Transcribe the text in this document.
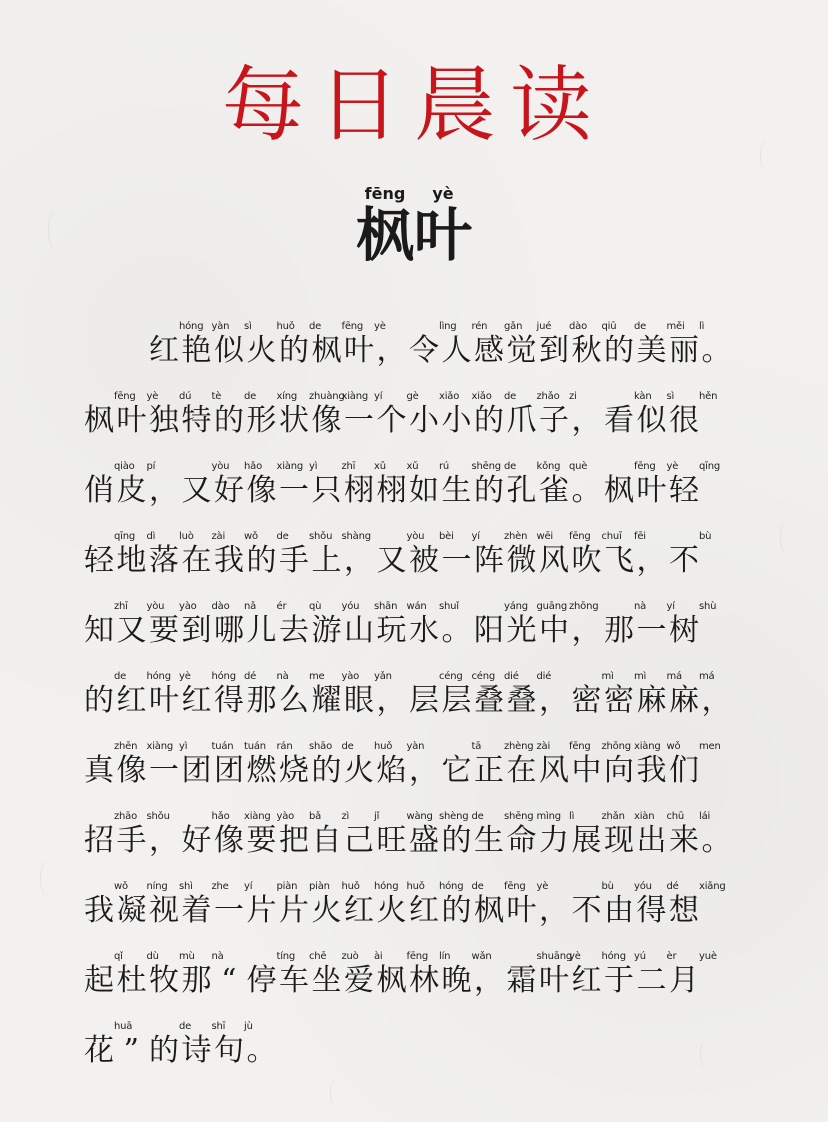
每日晨读
枫fēng叶yè
红hóng
艳yàn
似sì
火huǒ
的de
枫fēng
叶yè
， 令lìng
人rén
感gǎn
觉jué
到dào
秋qiū
的de
美měi
丽lì
。
枫fēng
叶yè
独dú
特tè
的de
形xíng
状zhuàng
像xiàng
一yí
个gè
小xiǎo
小xiǎo
的de
爪zhǎo
子zi
， 看kàn
似sì
很hěn
俏qiào
皮pí
， 又yòu
好hǎo
像xiàng
一yì
只zhī
栩xǔ
栩xǔ
如rú
生shēng
的de
孔kǒng
雀què
。 枫fēng
叶yè
轻qīng
轻qīng
地dì
落luò
在zài
我wǒ
的de
手shǒu
上shàng
， 又yòu
被bèi
一yí
阵zhèn
微wēi
风fēng
吹chuī
飞fēi
， 不bù
知zhī
又yòu
要yào
到dào
哪nǎ
儿ér
去qù
游yóu
山shān
玩wán
水shuǐ
。 阳yáng
光guāng
中zhōng
， 那nà
一yí
树shù
的de
红hóng
叶yè
红hóng
得dé
那nà
么me
耀yào
眼yǎn
， 层céng
层céng
叠dié
叠dié
， 密mì
密mì
麻má
麻má
，
真zhēn
像xiàng
一yì
团tuán
团tuán
燃rán
烧shāo
的de
火huǒ
焰yàn
， 它tā
正zhèng
在zài
风fēng
中zhōng
向xiàng
我wǒ
们men
招zhāo
手shǒu
， 好hǎo
像xiàng
要yào
把bǎ
自zì
己jǐ
旺wàng
盛shèng
的de
生shēng
命mìng
力lì
展zhǎn
现xiàn
出chū
来lái
。
我wǒ
凝níng
视shì
着zhe
一yí
片piàn
片piàn
火huǒ
红hóng
火huǒ
红hóng
的de
枫fēng
叶yè
， 不bù
由yóu
得dé
想xiǎng
起qǐ
杜dù
牧mù
那nà
“ 停tíng
车chē
坐zuò
爱ài
枫fēng
林lín
晚wǎn
， 霜shuāng
叶yè
红hóng
于yú
二èr
月yuè
花huā
” 的de
诗shī
句jù
。
